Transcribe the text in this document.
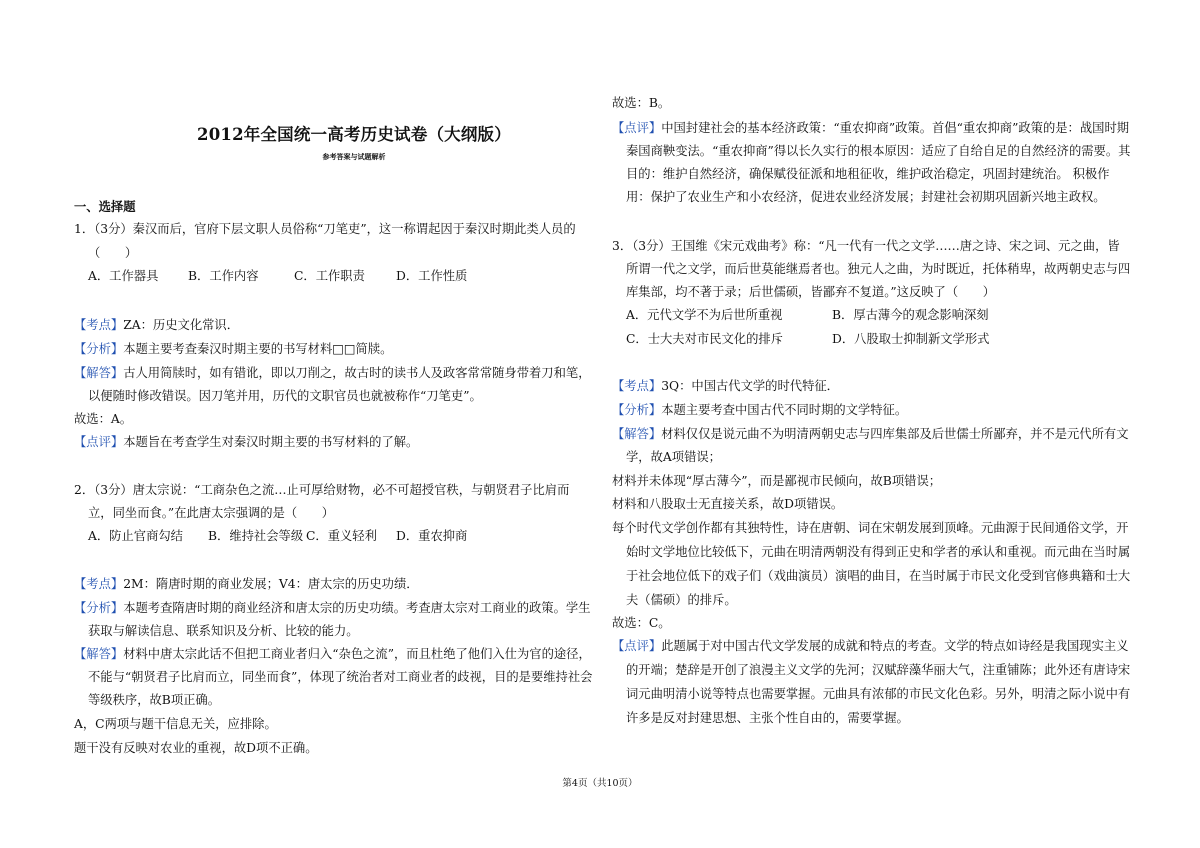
2012年全国统一高考历史试卷（大纲版）
参考答案与试题解析
一、选择题
1．（3分）秦汉而后，官府下层文职人员俗称“刀笔吏”，这一称谓起因于秦汉时期此类人员的
（　　）
A．工作器具 B．工作内容	C．工作职责	D．工作性质
【考点】ZA：历史文化常识．
【分析】本题主要考查秦汉时期主要的书写材料□□简牍。
【解答】古人用简牍时，如有错讹，即以刀削之，故古时的读书人及政客常常随身带着刀和笔，
以便随时修改错误。因刀笔并用，历代的文职官员也就被称作“刀笔吏”。
故选：A。
【点评】本题旨在考查学生对秦汉时期主要的书写材料的了解。
2．（3分）唐太宗说：“工商杂色之流…止可厚给财物，必不可超授官秩，与朝贤君子比肩而
立，同坐而食。”在此唐太宗强调的是（　　）
A．防止官商勾结 B．维持社会等级 C．重义轻利 D．重农抑商
【考点】2M：隋唐时期的商业发展；V4：唐太宗的历史功绩．
【分析】本题考查隋唐时期的商业经济和唐太宗的历史功绩。考查唐太宗对工商业的政策。学生
获取与解读信息、联系知识及分析、比较的能力。
【解答】材料中唐太宗此话不但把工商业者归入“杂色之流”，而且杜绝了他们入仕为官的途径，
不能与“朝贤君子比肩而立，同坐而食”，体现了统治者对工商业者的歧视，目的是要维持社会
等级秩序，故B项正确。
A，C两项与题干信息无关，应排除。
题干没有反映对农业的重视，故D项不正确。
故选：B。
【点评】中国封建社会的基本经济政策：“重农抑商”政策。首倡“重农抑商”政策的是：战国时期
秦国商鞅变法。“重农抑商”得以长久实行的根本原因：适应了自给自足的自然经济的需要。其
目的：维护自然经济，确保赋役征派和地租征收，维护政治稳定，巩固封建统治。 积极作
用：保护了农业生产和小农经济，促进农业经济发展；封建社会初期巩固新兴地主政权。
3．（3分）王国维《宋元戏曲考》称：“凡一代有一代之文学……唐之诗、宋之词、元之曲，皆
所谓一代之文学，而后世莫能继焉者也。独元人之曲，为时既近，托体稍卑，故两朝史志与四
库集部，均不著于录；后世儒硕，皆鄙弃不复道。”这反映了（　　）
A．元代文学不为后世所重视	B．厚古薄今的观念影响深刻
C．士大夫对市民文化的排斥	D．八股取士抑制新文学形式
【考点】3Q：中国古代文学的时代特征．
【分析】本题主要考查中国古代不同时期的文学特征。
【解答】材料仅仅是说元曲不为明清两朝史志与四库集部及后世儒士所鄙弃，并不是元代所有文
学，故A项错误；
材料并未体现“厚古薄今”，而是鄙视市民倾向，故B项错误；
材料和八股取士无直接关系，故D项错误。
每个时代文学创作都有其独特性，诗在唐朝、词在宋朝发展到顶峰。元曲源于民间通俗文学，开
始时文学地位比较低下，元曲在明清两朝没有得到正史和学者的承认和重视。而元曲在当时属
于社会地位低下的戏子们（戏曲演员）演唱的曲目，在当时属于市民文化受到官修典籍和士大
夫（儒硕）的排斥。
故选：C。
【点评】此题属于对中国古代文学发展的成就和特点的考查。文学的特点如诗经是我国现实主义
的开端；楚辞是开创了浪漫主义文学的先河；汉赋辞藻华丽大气，注重铺陈；此外还有唐诗宋
词元曲明清小说等特点也需要掌握。元曲具有浓郁的市民文化色彩。另外，明清之际小说中有
许多是反对封建思想、主张个性自由的，需要掌握。
第4页（共10页）
